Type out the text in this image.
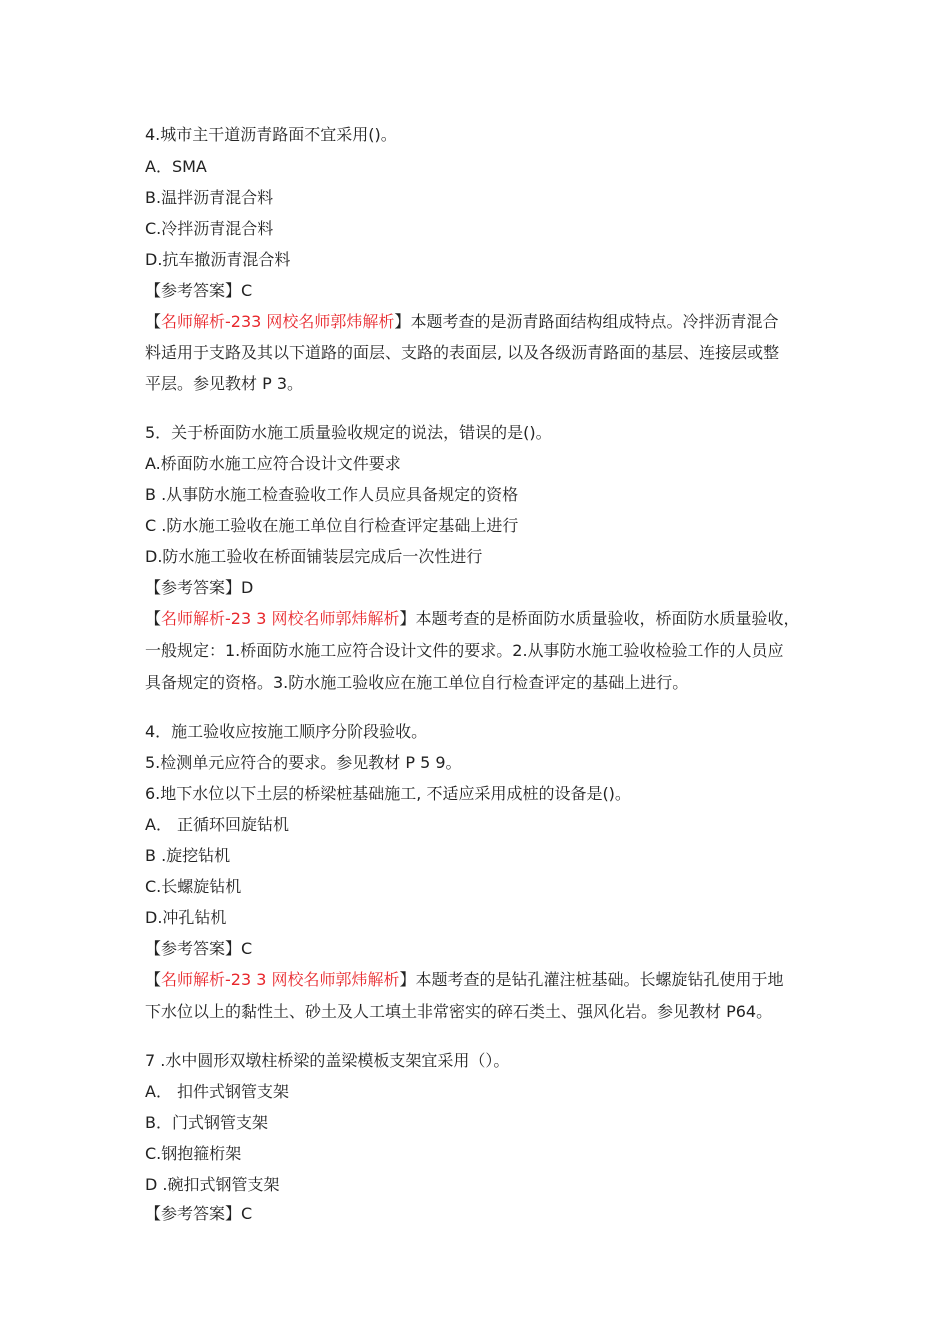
4.城市主干道沥青路面不宜采用()。
A．SMA
B.温拌沥青混合料
C.冷拌沥青混合料
D.抗车撤沥青混合料
【参考答案】C
【名师解析-233 网校名师郭炜解析】本题考查的是沥青路面结构组成特点。冷拌沥青混合
料适用于支路及其以下道路的面层、支路的表面层, 以及各级沥青路面的基层、连接层或整
平层。参见教材 P 3。
5．关于桥面防水施工质量验收规定的说法，错误的是()。
A.桥面防水施工应符合设计文件要求
B .从事防水施工检查验收工作人员应具备规定的资格
C .防水施工验收在施工单位自行检查评定基础上进行
D.防水施工验收在桥面铺装层完成后一次性进行
【参考答案】D
【名师解析-23 3 网校名师郭炜解析】本题考查的是桥面防水质量验收，桥面防水质量验收，
一般规定：1.桥面防水施工应符合设计文件的要求。2.从事防水施工验收检验工作的人员应
具备规定的资格。3.防水施工验收应在施工单位自行检查评定的基础上进行。
4．施工验收应按施工顺序分阶段验收。
5.检测单元应符合的要求。参见教材 P 5 9。
6.地下水位以下土层的桥梁桩基础施工, 不适应采用成桩的设备是()。
A． 正循环回旋钻机
B .旋挖钻机
C.长螺旋钻机
D.冲孔钻机
【参考答案】C
【名师解析-23 3 网校名师郭炜解析】本题考查的是钻孔灌注桩基础。长螺旋钻孔使用于地
下水位以上的黏性土、砂土及人工填土非常密实的碎石类土、强风化岩。参见教材 P64。
7 .水中圆形双墩柱桥梁的盖梁模板支架宜采用（）。
A． 扣件式钢管支架
B．门式钢管支架
C.钢抱箍桁架
D .碗扣式钢管支架
【参考答案】C
